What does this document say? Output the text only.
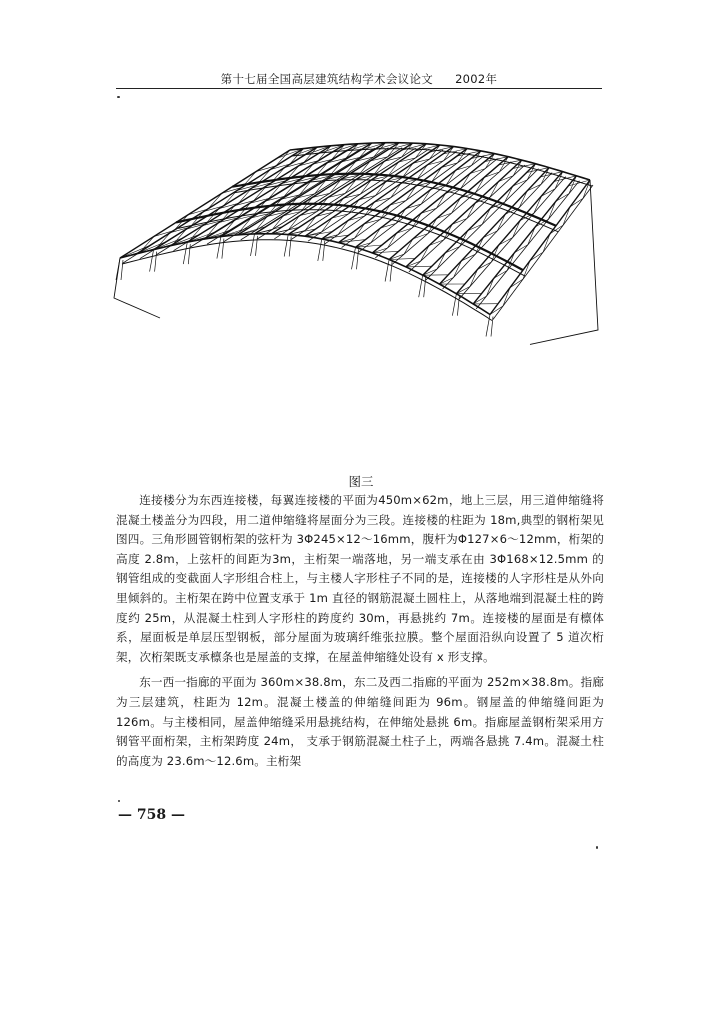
第十七届全国高层建筑结构学术会议论文 2002年
图三

连接楼分为东西连接楼，每翼连接楼的平面为450m×62m，地上三层，用三道伸缩缝将混凝土楼盖分为四段，用二道伸缩缝将屋面分为三段。连接楼的柱距为 18m,典型的钢桁架见图四。三角形圆管钢桁架的弦杆为 3Φ245×12～16mm，腹杆为Φ127×6～12mm，桁架的高度 2.8m，上弦杆的间距为3m，主桁架一端落地，另一端支承在由 3Φ168×12.5mm 的钢管组成的变截面人字形组合柱上，与主楼人字形柱子不同的是，连接楼的人字形柱是从外向里倾斜的。主桁架在跨中位置支承于 1m 直径的钢筋混凝土圆柱上，从落地端到混凝土柱的跨度约 25m，从混凝土柱到人字形柱的跨度约 30m，再悬挑约 7m。连接楼的屋面是有檩体系，屋面板是单层压型钢板，部分屋面为玻璃纤维张拉膜。整个屋面沿纵向设置了 5 道次桁架，次桁架既支承檩条也是屋盖的支撑，在屋盖伸缩缝处设有 x 形支撑。

东一西一指廊的平面为 360m×38.8m，东二及西二指廊的平面为 252m×38.8m。指廊为三层建筑，柱距为 12m。混凝土楼盖的伸缩缝间距为 96m。钢屋盖的伸缩缝间距为 126m。与主楼相同，屋盖伸缩缝采用悬挑结构，在伸缩处悬挑 6m。指廊屋盖钢桁架采用方钢管平面桁架，主桁架跨度 24m， 支承于钢筋混凝土柱子上，两端各悬挑 7.4m。混凝土柱的高度为 23.6m～12.6m。主桁架

— 758 —
